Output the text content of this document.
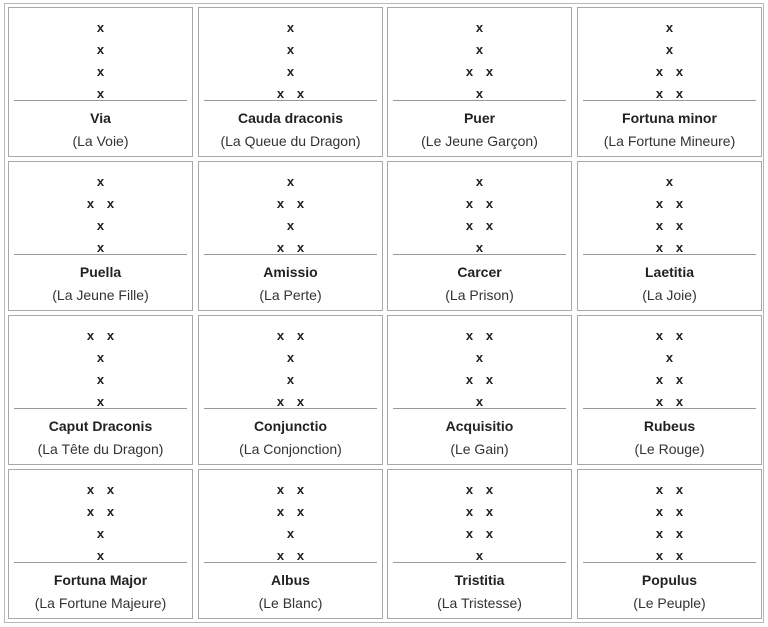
x
x
x
x
Via
(La Voie)
x
x
x
x x
Cauda draconis
(La Queue du Dragon)
x
x
x x
x
Puer
(Le Jeune Garçon)
x
x
x x
x x
Fortuna minor
(La Fortune Mineure)
x
x x
x
x
Puella
(La Jeune Fille)
x
x x
x
x x
Amissio
(La Perte)
x
x x
x x
x
Carcer
(La Prison)
x
x x
x x
x x
Laetitia
(La Joie)
x x
x
x
x
Caput Draconis
(La Tête du Dragon)
x x
x
x
x x
Conjunctio
(La Conjonction)
x x
x
x x
x
Acquisitio
(Le Gain)
x x
x
x x
x x
Rubeus
(Le Rouge)
x x
x x
x
x
Fortuna Major
(La Fortune Majeure)
x x
x x
x
x x
Albus
(Le Blanc)
x x
x x
x x
x
Tristitia
(La Tristesse)
x x
x x
x x
x x
Populus
(Le Peuple)
